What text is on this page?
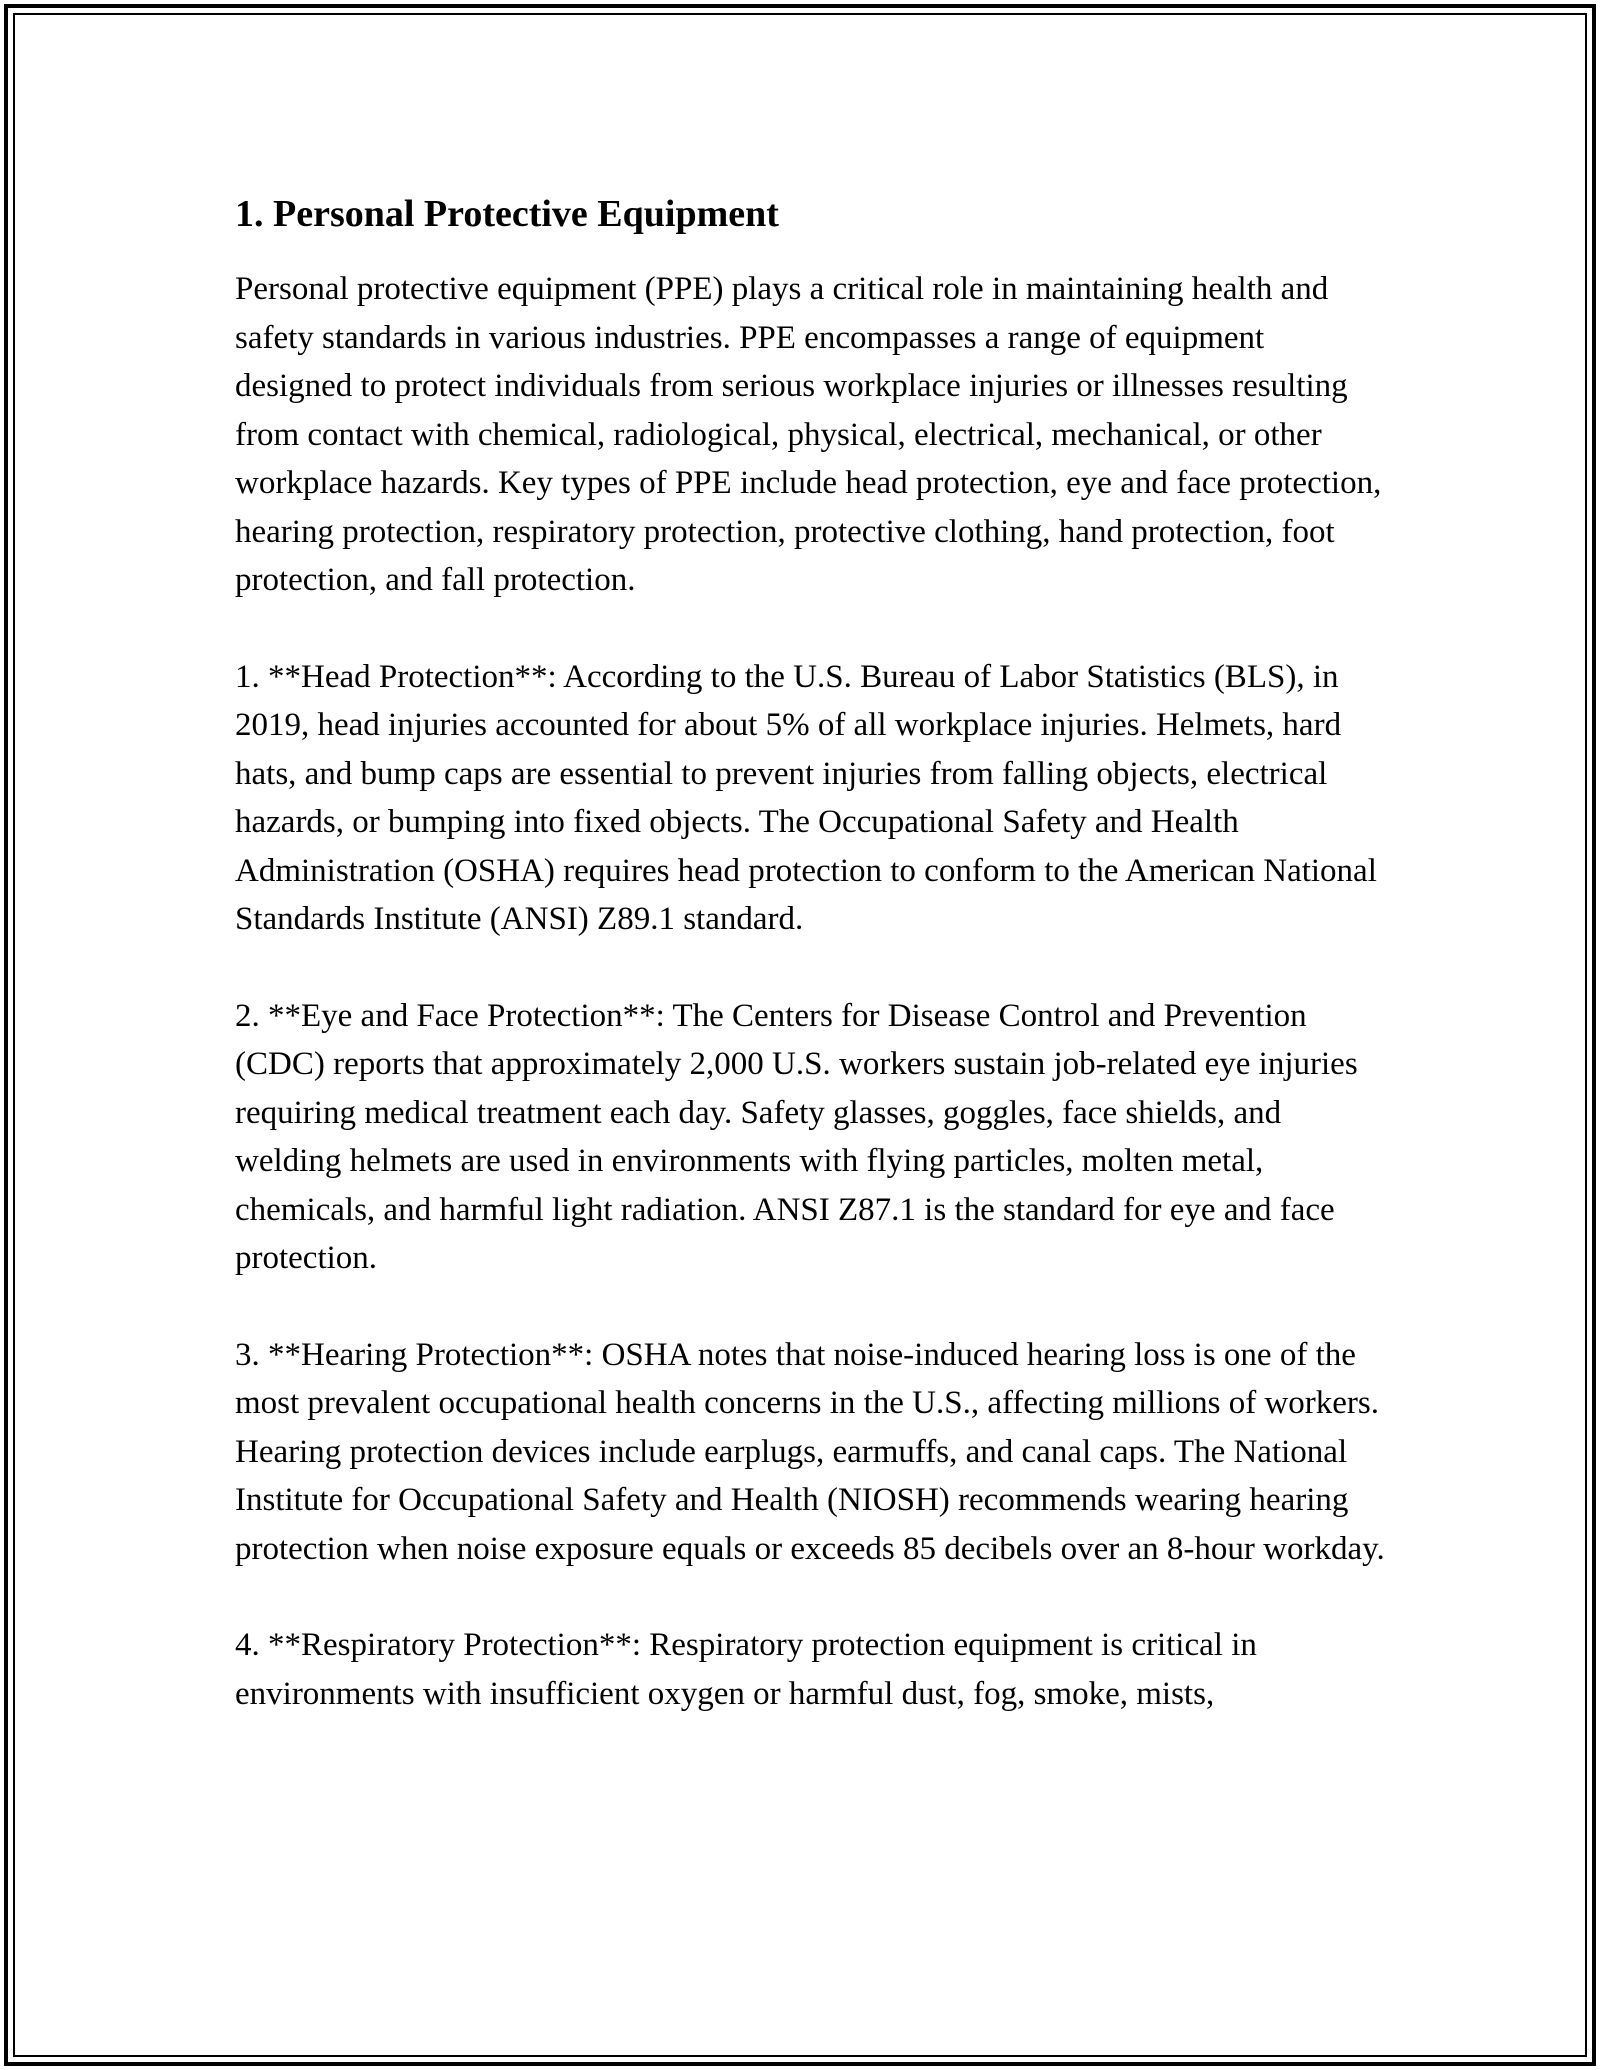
1. Personal Protective Equipment

Personal protective equipment (PPE) plays a critical role in maintaining health and safety standards in various industries. PPE encompasses a range of equipment designed to protect individuals from serious workplace injuries or illnesses resulting from contact with chemical, radiological, physical, electrical, mechanical, or other workplace hazards. Key types of PPE include head protection, eye and face protection, hearing protection, respiratory protection, protective clothing, hand protection, foot protection, and fall protection.

1. **Head Protection**: According to the U.S. Bureau of Labor Statistics (BLS), in 2019, head injuries accounted for about 5% of all workplace injuries. Helmets, hard hats, and bump caps are essential to prevent injuries from falling objects, electrical hazards, or bumping into fixed objects. The Occupational Safety and Health Administration (OSHA) requires head protection to conform to the American National Standards Institute (ANSI) Z89.1 standard.

2. **Eye and Face Protection**: The Centers for Disease Control and Prevention (CDC) reports that approximately 2,000 U.S. workers sustain job-related eye injuries requiring medical treatment each day. Safety glasses, goggles, face shields, and welding helmets are used in environments with flying particles, molten metal, chemicals, and harmful light radiation. ANSI Z87.1 is the standard for eye and face protection.

3. **Hearing Protection**: OSHA notes that noise-induced hearing loss is one of the most prevalent occupational health concerns in the U.S., affecting millions of workers. Hearing protection devices include earplugs, earmuffs, and canal caps. The National Institute for Occupational Safety and Health (NIOSH) recommends wearing hearing protection when noise exposure equals or exceeds 85 decibels over an 8-hour workday.

4. **Respiratory Protection**: Respiratory protection equipment is critical in environments with insufficient oxygen or harmful dust, fog, smoke, mists,
